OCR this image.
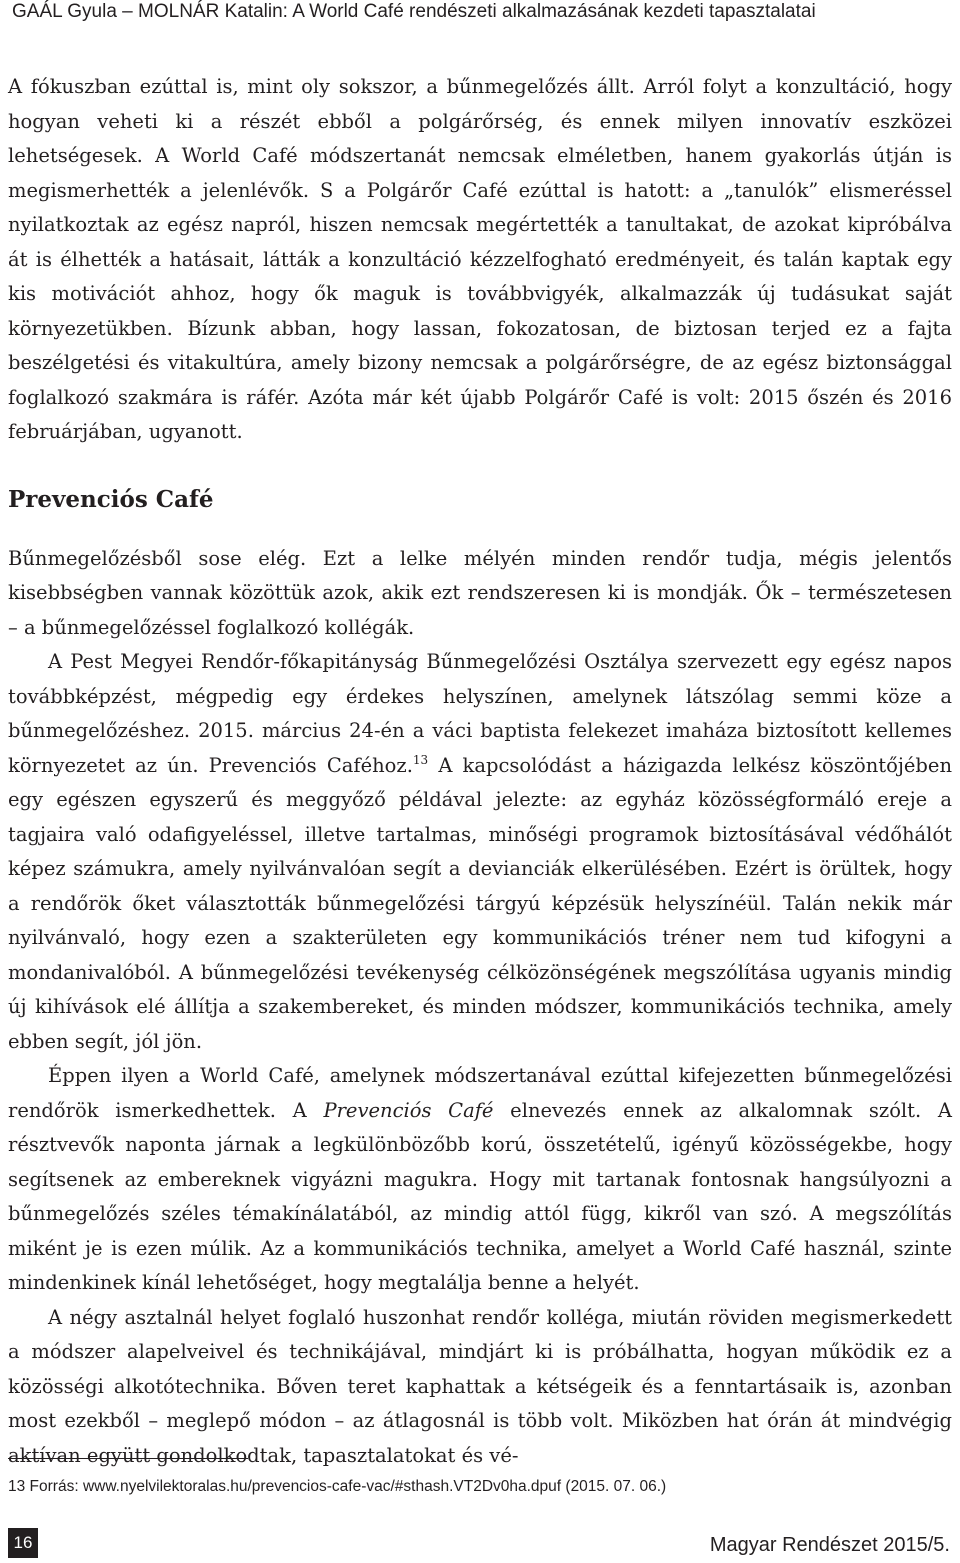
GAÁL Gyula – MOLNÁR Katalin: A World Café rendészeti alkalmazásának kezdeti tapasztalatai

A fókuszban ezúttal is, mint oly sokszor, a bűnmegelőzés állt. Arról folyt a konzultáció, hogy hogyan veheti ki a részét ebből a polgárőrség, és ennek milyen innovatív eszközei lehetségesek. A World Café módszertanát nemcsak elméletben, hanem gyakorlás útján is megismerhették a jelenlévők. S a Polgárőr Café ezúttal is hatott: a „tanulók” elismeréssel nyilatkoztak az egész napról, hiszen nemcsak megértették a tanultakat, de azokat kipróbálva át is élhették a hatásait, látták a konzultáció kézzelfogható eredményeit, és talán kaptak egy kis motivációt ahhoz, hogy ők maguk is továbbvigyék, alkalmazzák új tudásukat saját környezetükben. Bízunk abban, hogy lassan, fokozatosan, de biztosan terjed ez a fajta beszélgetési és vitakultúra, amely bizony nemcsak a polgárőrségre, de az egész biztonsággal foglalkozó szakmára is ráfér. Azóta már két újabb Polgárőr Café is volt: 2015 őszén és 2016 februárjában, ugyanott.

Prevenciós Café

Bűnmegelőzésből sose elég. Ezt a lelke mélyén minden rendőr tudja, mégis jelentős kisebbségben vannak közöttük azok, akik ezt rendszeresen ki is mondják. Ők – természetesen – a bűnmegelőzéssel foglalkozó kollégák.

A Pest Megyei Rendőr-főkapitányság Bűnmegelőzési Osztálya szervezett egy egész napos továbbképzést, mégpedig egy érdekes helyszínen, amelynek látszólag semmi köze a bűnmegelőzéshez. 2015. március 24-én a váci baptista felekezet imaháza biztosított kellemes környezetet az ún. Prevenciós Caféhoz.$^{13}$ A kapcsolódást a házigazda lelkész köszöntőjében egy egészen egyszerű és meggyőző példával jelezte: az egyház közösségformáló ereje a tagjaira való odafigyeléssel, illetve tartalmas, minőségi programok biztosításával védőhálót képez számukra, amely nyilvánvalóan segít a devianciák elkerülésében. Ezért is örültek, hogy a rendőrök őket választották bűnmegelőzési tárgyú képzésük helyszínéül. Talán nekik már nyilvánvaló, hogy ezen a szakterületen egy kommunikációs tréner nem tud kifogyni a mondanivalóból. A bűnmegelőzési tevékenység célközönségének megszólítása ugyanis mindig új kihívások elé állítja a szakembereket, és minden módszer, kommunikációs technika, amely ebben segít, jól jön.

Éppen ilyen a World Café, amelynek módszertanával ezúttal kifejezetten bűnmegelőzési rendőrök ismerkedhettek. A Prevenciós Café elnevezés ennek az alkalomnak szólt. A résztvevők naponta járnak a legkülönbözőbb korú, összetételű, igényű közösségekbe, hogy segítsenek az embereknek vigyázni magukra. Hogy mit tartanak fontosnak hangsúlyozni a bűnmegelőzés széles témakínálatából, az mindig attól függ, kikről van szó. A megszólítás miként je is ezen múlik. Az a kommunikációs technika, amelyet a World Café használ, szinte mindenkinek kínál lehetőséget, hogy megtalálja benne a helyét.

A négy asztalnál helyet foglaló huszonhat rendőr kolléga, miután röviden megismerkedett a módszer alapelveivel és technikájával, mindjárt ki is próbálhatta, hogyan működik ez a közösségi alkotótechnika. Bőven teret kaphattak a kétségeik és a fenntartásaik is, azonban most ezekből – meglepő módon – az átlagosnál is több volt. Miközben hat órán át mindvégig aktívan együtt gondolkodtak, tapasztalatokat és vé-

13 Forrás: www.nyelvilektoralas.hu/prevencios-cafe-vac/#sthash.VT2Dv0ha.dpuf (2015. 07. 06.)
16	Magyar Rendészet 2015/5.
